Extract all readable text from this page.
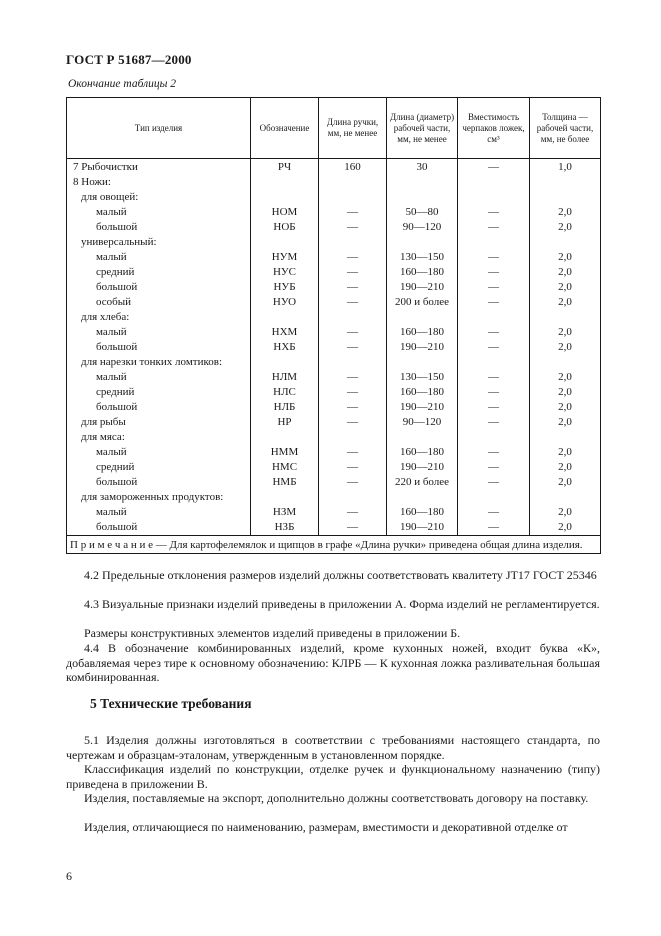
ГОСТ Р 51687—2000
Окончание таблицы 2
Тип изделия	Обозначение	Длина ручки, мм, не менее	Длина (диаметр) рабочей части, мм, не менее	Вместимость черпаков ложек, см³	Толщина — рабочей части, мм, не более
7 Рыбочистки	РЧ	160	30	—	1,0
8 Ножи:					
для овощей:					
малый	НОМ	—	50—80	—	2,0
большой	НОБ	—	90—120	—	2,0
универсальный:					
малый	НУМ	—	130—150	—	2,0
средний	НУС	—	160—180	—	2,0
большой	НУБ	—	190—210	—	2,0
особый	НУО	—	200 и более	—	2,0
для хлеба:					
малый	НХМ	—	160—180	—	2,0
большой	НХБ	—	190—210	—	2,0
для нарезки тонких ломтиков:					
малый	НЛМ	—	130—150	—	2,0
средний	НЛС	—	160—180	—	2,0
большой	НЛБ	—	190—210	—	2,0
для рыбы	НР	—	90—120	—	2,0
для мяса:					
малый	НММ	—	160—180	—	2,0
средний	НМС	—	190—210	—	2,0
большой	НМБ	—	220 и более	—	2,0
для замороженных продуктов:					
малый	НЗМ	—	160—180	—	2,0
большой	НЗБ	—	190—210	—	2,0
П р и м е ч а н и е — Для картофелемялок и щипцов в графе «Длина ручки» приведена общая длина изделия.					

4.2 Предельные отклонения размеров изделий должны соответствовать квалитету JT17 ГОСТ 25346

4.3 Визуальные признаки изделий приведены в приложении А. Форма изделий не регламентируется.

Размеры конструктивных элементов изделий приведены в приложении Б.

4.4 В обозначение комбинированных изделий, кроме кухонных ножей, входит буква «К», добавляемая через тире к основному обозначению: КЛРБ — К кухонная ложка разливательная большая комбинированная.

5 Технические требования

5.1 Изделия должны изготовляться в соответствии с требованиями настоящего стандарта, по чертежам и образцам-эталонам, утвержденным в установленном порядке.

Классификация изделий по конструкции, отделке ручек и функциональному назначению (типу) приведена в приложении В.

Изделия, поставляемые на экспорт, дополнительно должны соответствовать договору на поставку.

Изделия, отличающиеся по наименованию, размерам, вместимости и декоративной отделке от

6
